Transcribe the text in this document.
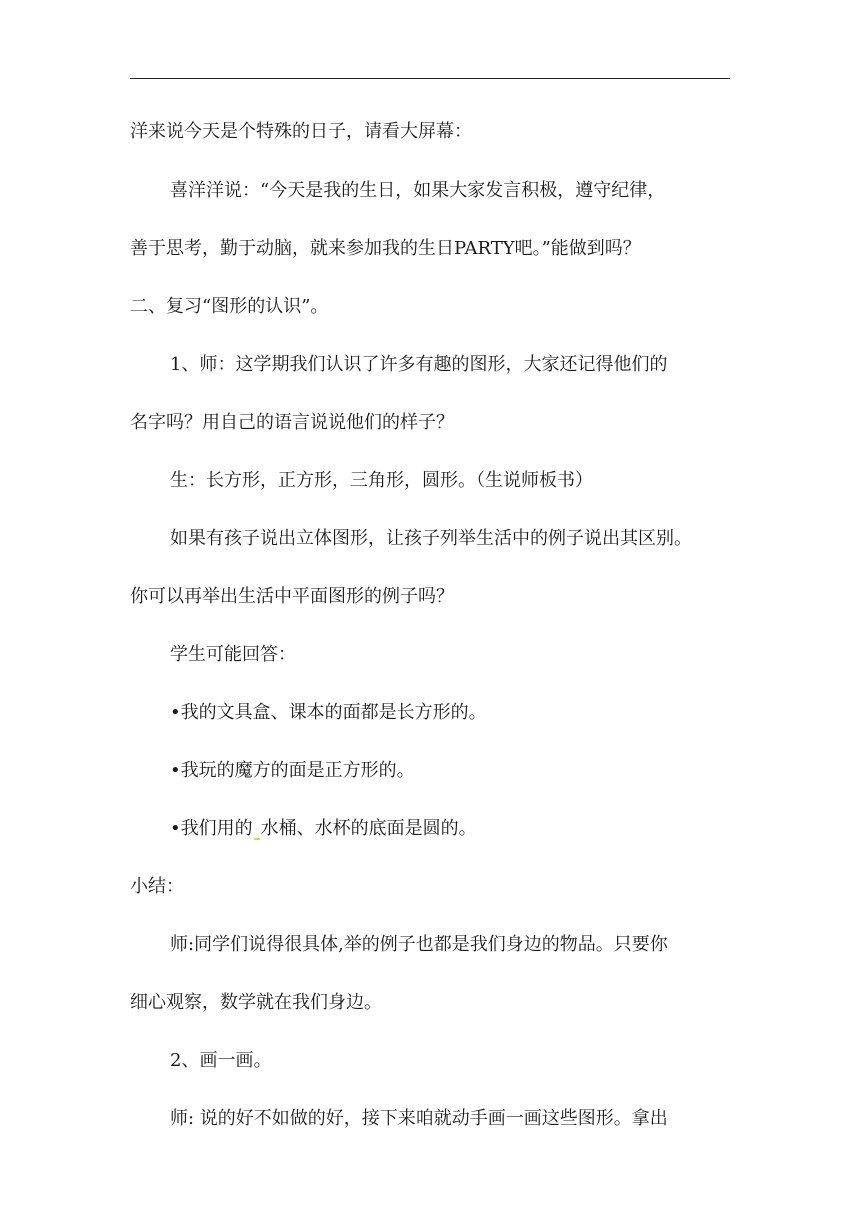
洋来说今天是个特殊的日子，请看大屏幕：
喜洋洋说：“今天是我的生日，如果大家发言积极，遵守纪律，
善于思考，勤于动脑，就来参加我的生日PARTY吧。”能做到吗？
二、复习“图形的认识”。
1、师：这学期我们认识了许多有趣的图形，大家还记得他们的
名字吗？用自己的语言说说他们的样子？
生：长方形，正方形，三角形，圆形。（生说师板书）
如果有孩子说出立体图形，让孩子列举生活中的例子说出其区别。
你可以再举出生活中平面图形的例子吗？
学生可能回答：
•我的文具盒、课本的面都是长方形的。
•我玩的魔方的面是正方形的。
•我们用的 水桶、水杯的底面是圆的。
小结：
师:同学们说得很具体,举的例子也都是我们身边的物品。只要你
细心观察，数学就在我们身边。
2、画一画。
师: 说的好不如做的好，接下来咱就动手画一画这些图形。拿出
